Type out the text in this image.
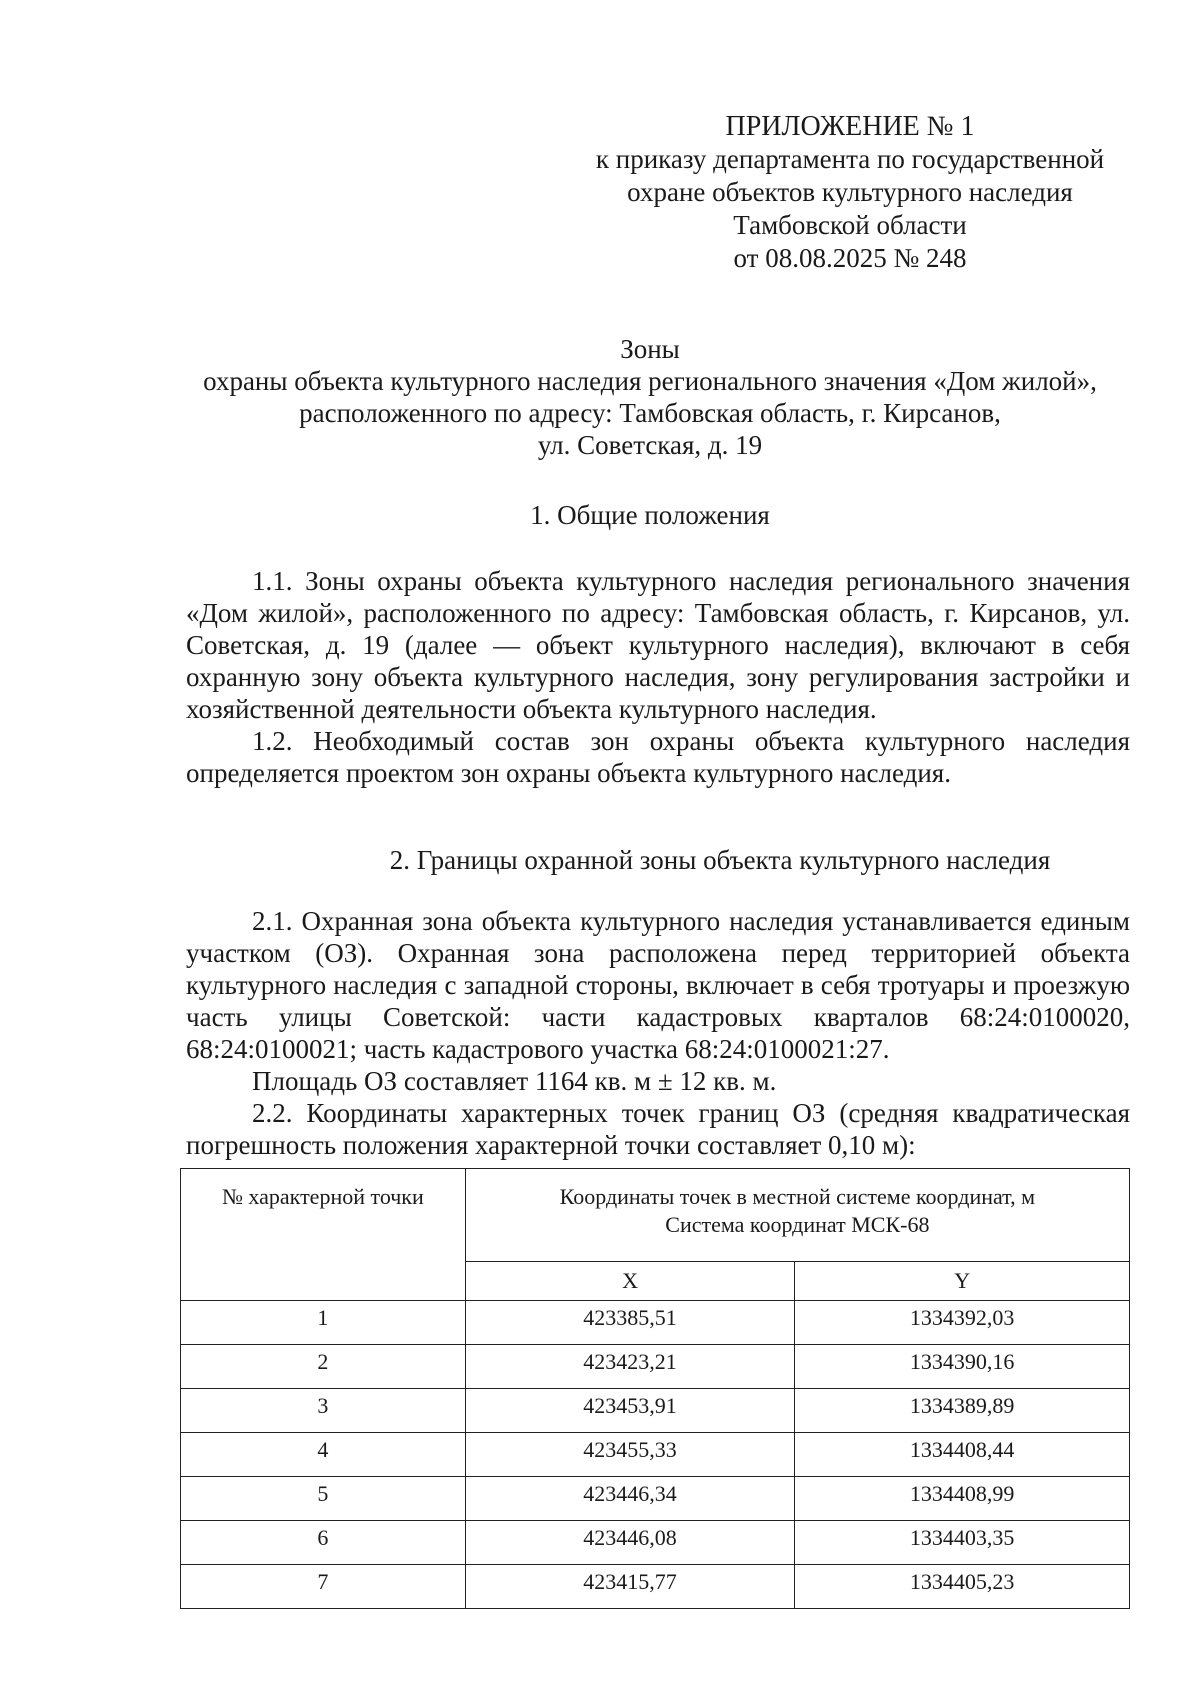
ПРИЛОЖЕНИЕ № 1
к приказу департамента по государственной
охране объектов культурного наследия
Тамбовской области
от 08.08.2025 № 248
Зоны
охраны объекта культурного наследия регионального значения «Дом жилой»,
расположенного по адресу: Тамбовская область, г. Кирсанов,
ул. Советская, д. 19
1. Общие положения

1.1. Зоны охраны объекта культурного наследия регионального значения «Дом жилой», расположенного по адресу: Тамбовская область, г. Кирсанов, ул. Советская, д. 19 (далее — объект культурного наследия), включают в себя охранную зону объекта культурного наследия, зону регулирования застройки и хозяйственной деятельности объекта культурного наследия.

1.2. Необходимый состав зон охраны объекта культурного наследия определяется проектом зон охраны объекта культурного наследия.

2. Границы охранной зоны объекта культурного наследия

2.1. Охранная зона объекта культурного наследия устанавливается единым участком (ОЗ). Охранная зона расположена перед территорией объекта культурного наследия с западной стороны, включает в себя тротуары и проезжую часть улицы Советской: части кадастровых кварталов 68:24:0100020, 68:24:0100021; часть кадастрового участка 68:24:0100021:27.

Площадь ОЗ составляет 1164 кв. м ± 12 кв. м.

2.2. Координаты характерных точек границ ОЗ (средняя квадратическая погрешность положения характерной точки составляет 0,10 м):

№ характерной точки	Координаты точек в местной системе координат, м
Система координат МСК-68	

	X	Y
1	423385,51	1334392,03
2	423423,21	1334390,16
3	423453,91	1334389,89
4	423455,33	1334408,44
5	423446,34	1334408,99
6	423446,08	1334403,35
7	423415,77	1334405,23
